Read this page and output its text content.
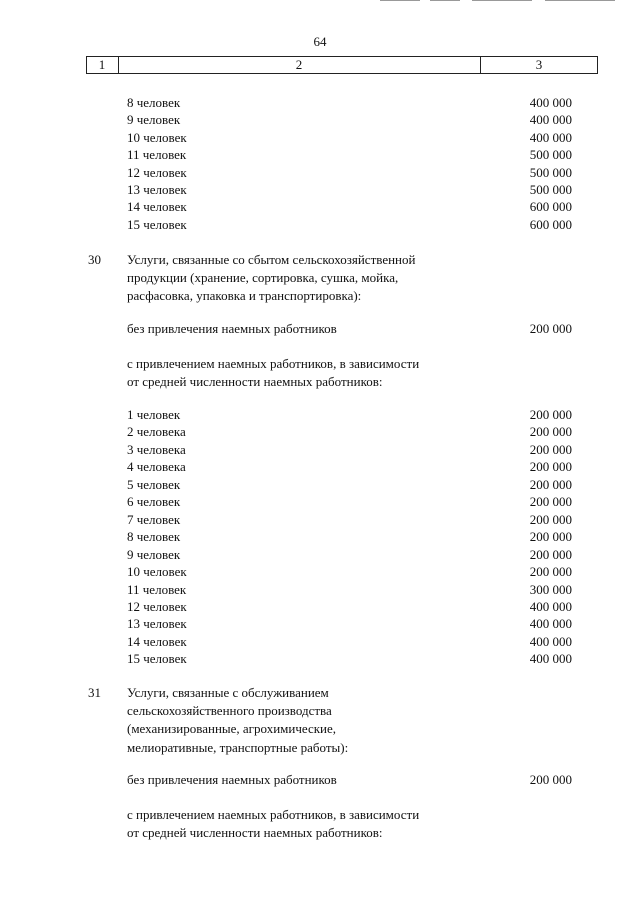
64
1	2	3
8 человек	400 000
9 человек	400 000
10 человек	400 000
11 человек	500 000
12 человек	500 000
13 человек	500 000
14 человек	600 000
15 человек	600 000
30 Услуги, связанные со сбытом сельскохозяйственной
продукции (хранение, сортировка, сушка, мойка,
расфасовка, упаковка и транспортировка):
без привлечения наемных работников	200 000
с привлечением наемных работников, в зависимости
от средней численности наемных работников:
1 человек	200 000
2 человека	200 000
3 человека	200 000
4 человека	200 000
5 человек	200 000
6 человек	200 000
7 человек	200 000
8 человек	200 000
9 человек	200 000
10 человек	200 000
11 человек	300 000
12 человек	400 000
13 человек	400 000
14 человек	400 000
15 человек	400 000
31 Услуги, связанные с обслуживанием
сельскохозяйственного производства
(механизированные, агрохимические,
мелиоративные, транспортные работы):
без привлечения наемных работников	200 000
с привлечением наемных работников, в зависимости
от средней численности наемных работников:
